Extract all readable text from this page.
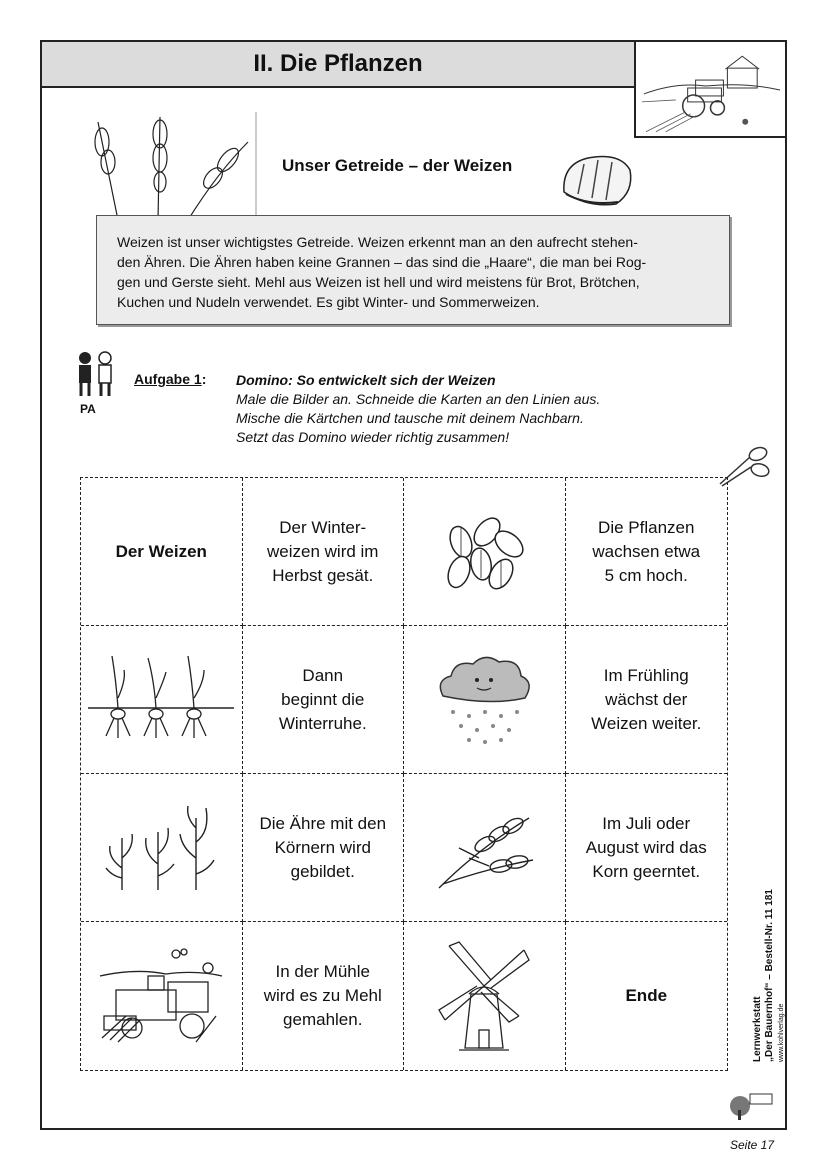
II. Die Pflanzen
Unser Getreide – der Weizen
Weizen ist unser wichtigstes Getreide. Weizen erkennt man an den aufrecht stehen-
den Ähren. Die Ähren haben keine Grannen – das sind die „Haare“, die man bei Rog-
gen und Gerste sieht. Mehl aus Weizen ist hell und wird meistens für Brot, Brötchen,
Kuchen und Nudeln verwendet. Es gibt Winter- und Sommerweizen.
PA
Aufgabe 1: Domino: So entwickelt sich der Weizen
Male die Bilder an. Schneide die Karten an den Linien aus.
Mische die Kärtchen und tausche mit deinem Nachbarn.
Setzt das Domino wieder richtig zusammen!
Der Weizen
Der Winter-
weizen wird im
Herbst gesät.
Die Pflanzen
wachsen etwa
5 cm hoch.
Dann
beginnt die
Winterruhe.
Im Frühling
wächst der
Weizen weiter.
Die Ähre mit den
Körnern wird
gebildet.
Im Juli oder
August wird das
Korn geerntet.
In der Mühle
wird es zu Mehl
gemahlen.
Ende
Lernwerkstatt „Der Bauernhof“ – Bestell-Nr. 11 181 www.kohlverlag.de
Seite 17
